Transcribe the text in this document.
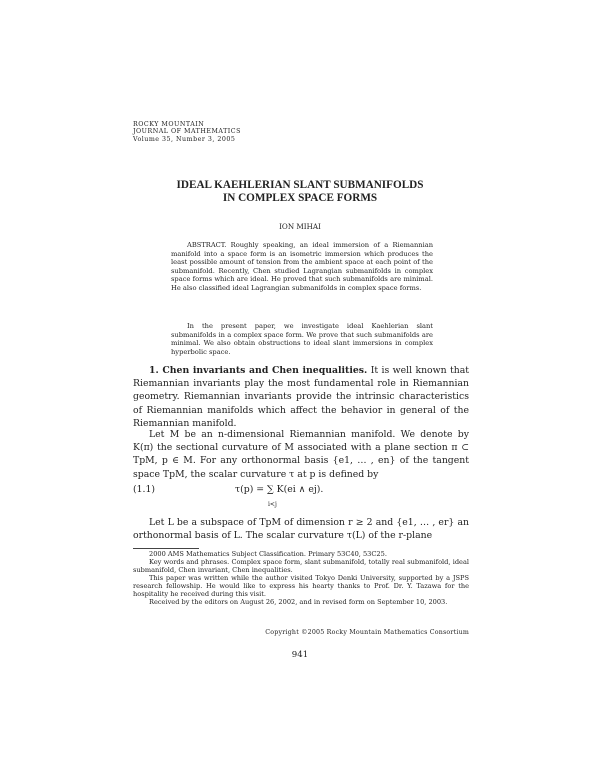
ROCKY MOUNTAIN
JOURNAL OF MATHEMATICS
Volume 35, Number 3, 2005
IDEAL KAEHLERIAN SLANT SUBMANIFOLDS
IN COMPLEX SPACE FORMS
ION MIHAI
ABSTRACT. Roughly speaking, an ideal immersion of a Riemannian manifold into a space form is an isometric immersion which produces the least possible amount of tension from the ambient space at each point of the submanifold. Recently, Chen studied Lagrangian submanifolds in complex space forms which are ideal. He proved that such submanifolds are minimal. He also classified ideal Lagrangian submanifolds in complex space forms.
In the present paper, we investigate ideal Kaehlerian slant submanifolds in a complex space form. We prove that such submanifolds are minimal. We also obtain obstructions to ideal slant immersions in complex hyperbolic space.
1. Chen invariants and Chen inequalities. It is well known that Riemannian invariants play the most fundamental role in Riemannian geometry. Riemannian invariants provide the intrinsic characteristics of Riemannian manifolds which affect the behavior in general of the Riemannian manifold.
Let M be an n-dimensional Riemannian manifold. We denote by K(π) the sectional curvature of M associated with a plane section π ⊂ TpM, p ∈ M. For any orthonormal basis {e1, … , en} of the tangent space TpM, the scalar curvature τ at p is defined by
(1.1)	τ(p) = ∑ K(ei ∧ ej).
i<j
Let L be a subspace of TpM of dimension r ≥ 2 and {e1, … , er} an orthonormal basis of L. The scalar curvature τ(L) of the r-plane
2000 AMS Mathematics Subject Classification. Primary 53C40, 53C25.
Key words and phrases. Complex space form, slant submanifold, totally real submanifold, ideal submanifold, Chen invariant, Chen inequalities.
This paper was written while the author visited Tokyo Denki University, supported by a JSPS research fellowship. He would like to express his hearty thanks to Prof. Dr. Y. Tazawa for the hospitality he received during this visit.
Received by the editors on August 26, 2002, and in revised form on September 10, 2003.
Copyright ©2005 Rocky Mountain Mathematics Consortium
941
